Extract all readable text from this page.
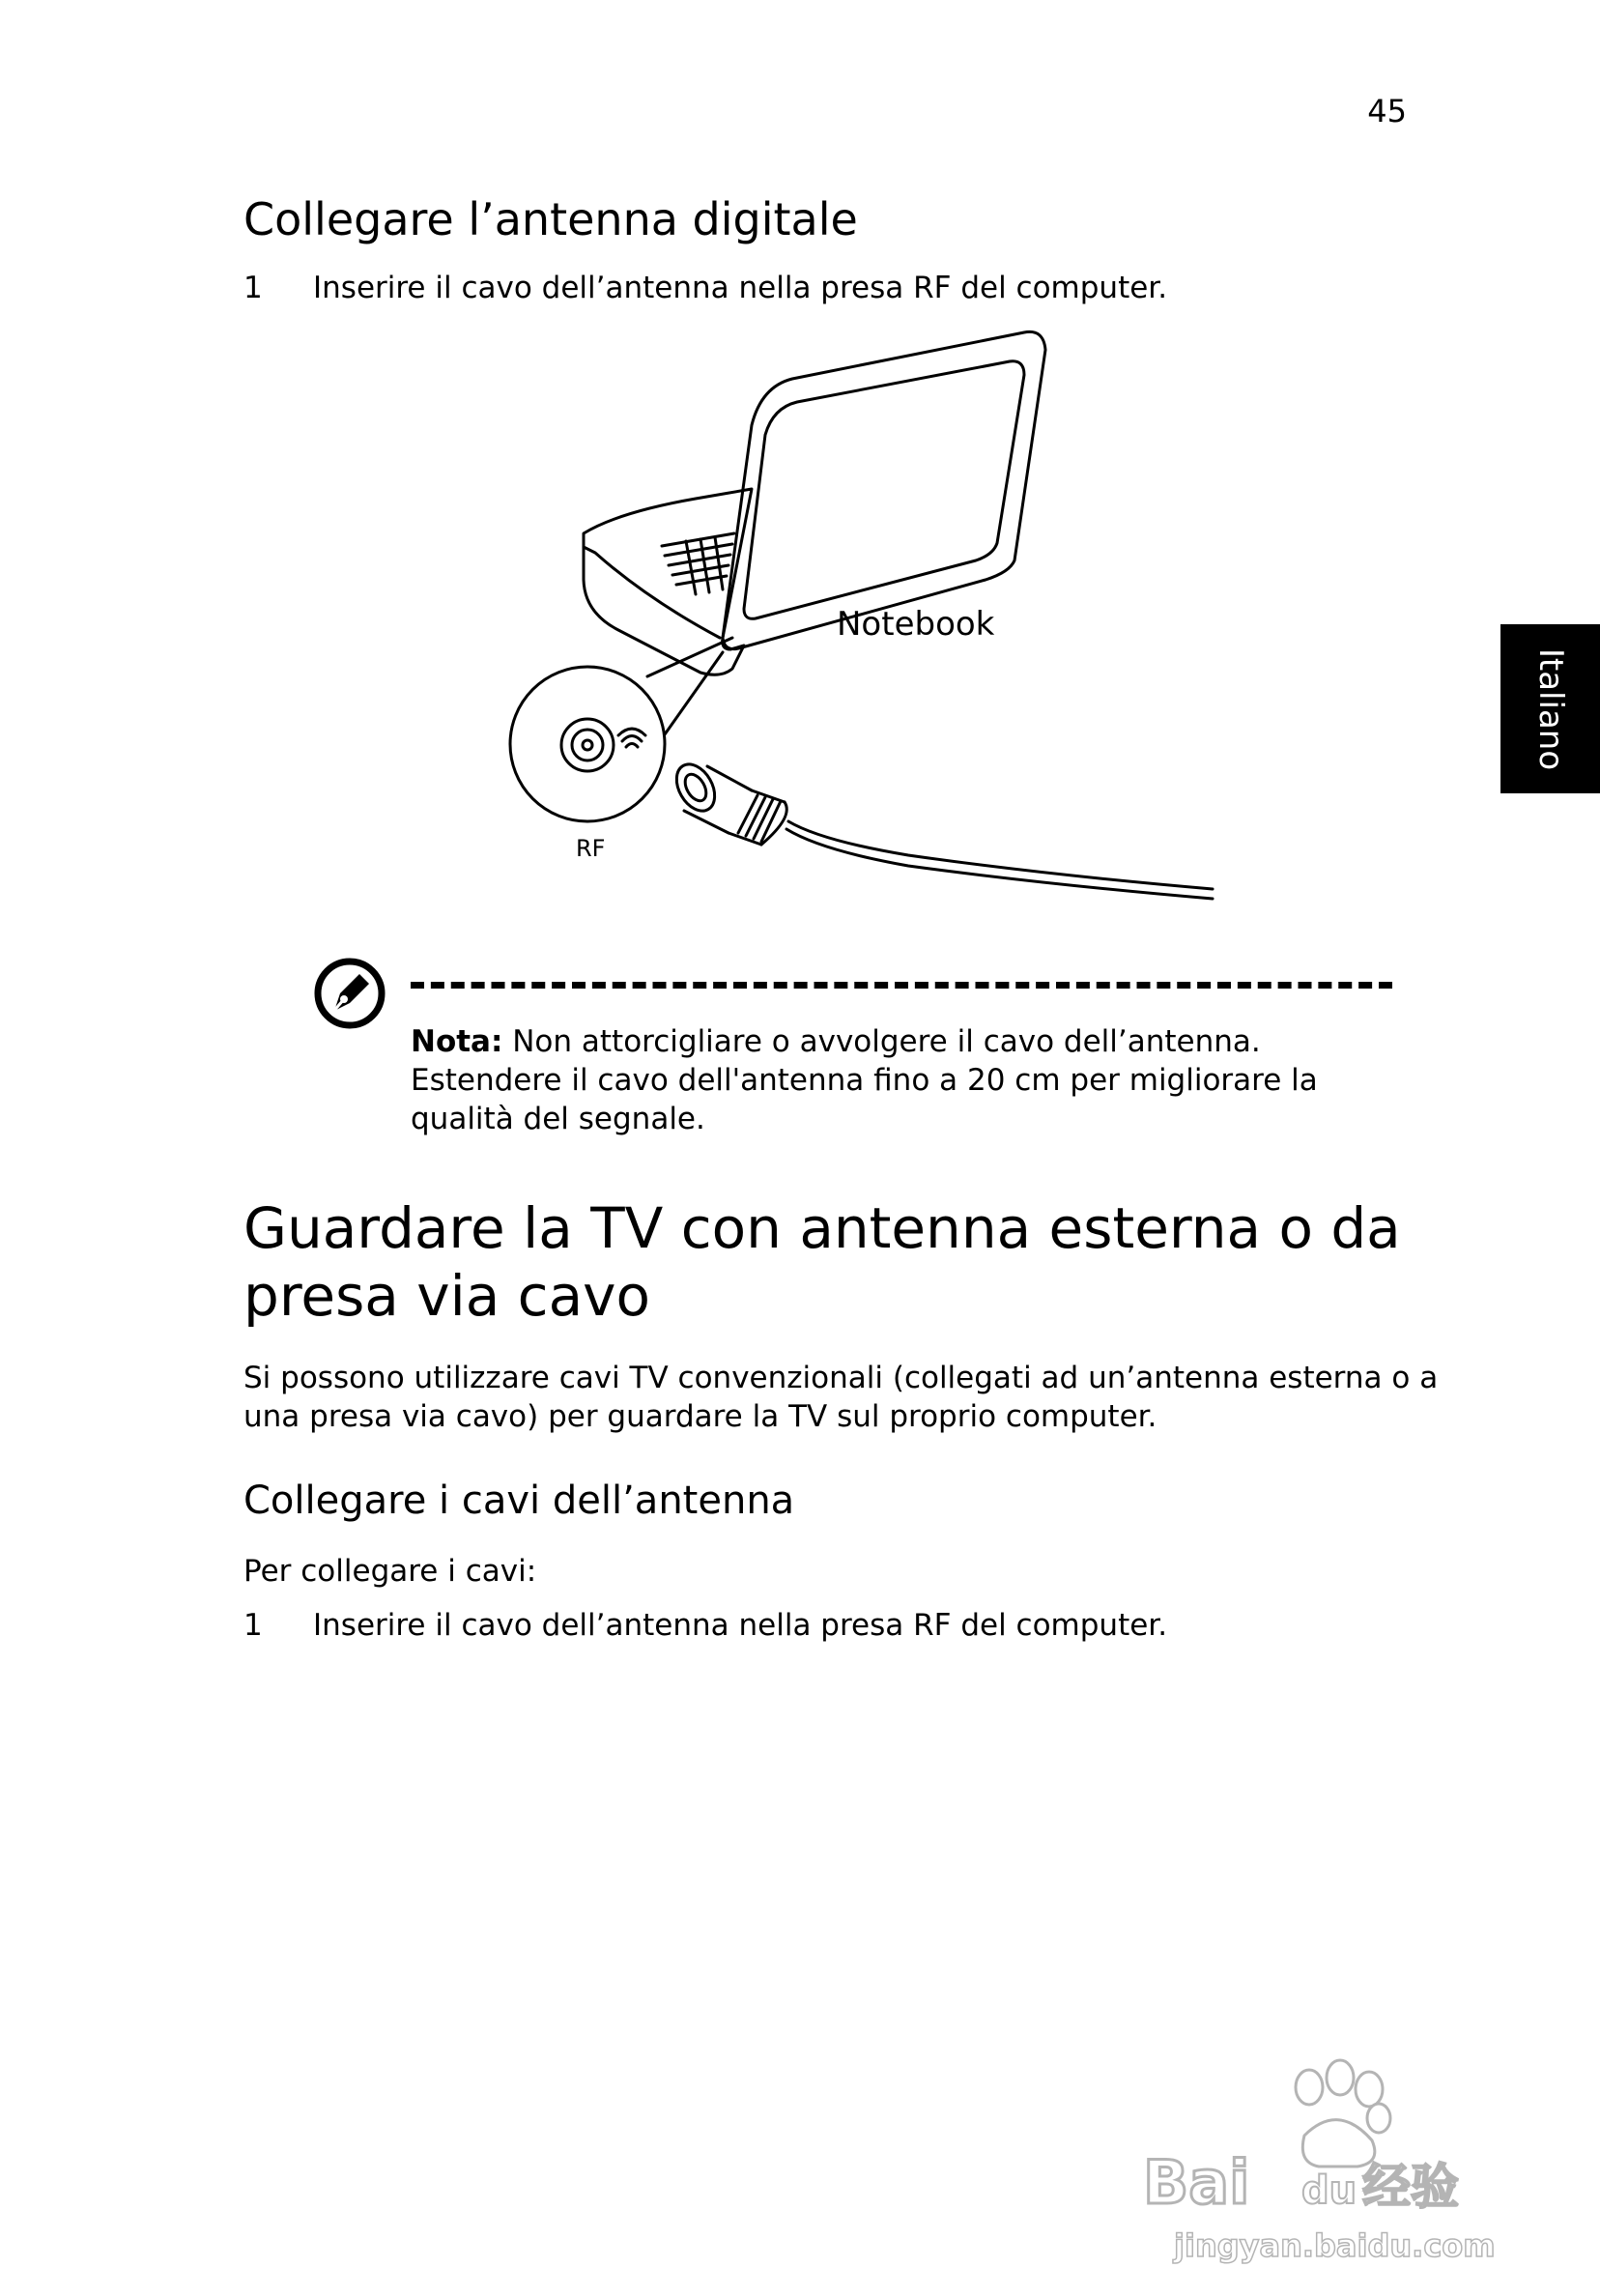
45
Italiano
Collegare l’antenna digitale
1 Inserire il cavo dell’antenna nella presa RF del computer.
Notebook
RF
Nota: Non attorcigliare o avvolgere il cavo dell’antenna.
Estendere il cavo dell'antenna fino a 20 cm per migliorare la
qualità del segnale.
Guardare la TV con antenna esterna o da
presa via cavo
Si possono utilizzare cavi TV convenzionali (collegati ad un’antenna esterna o a
una presa via cavo) per guardare la TV sul proprio computer.
Collegare i cavi dell’antenna
Per collegare i cavi:
1 Inserire il cavo dell’antenna nella presa RF del computer.
Bai du 经验
jingyan.baidu.com
